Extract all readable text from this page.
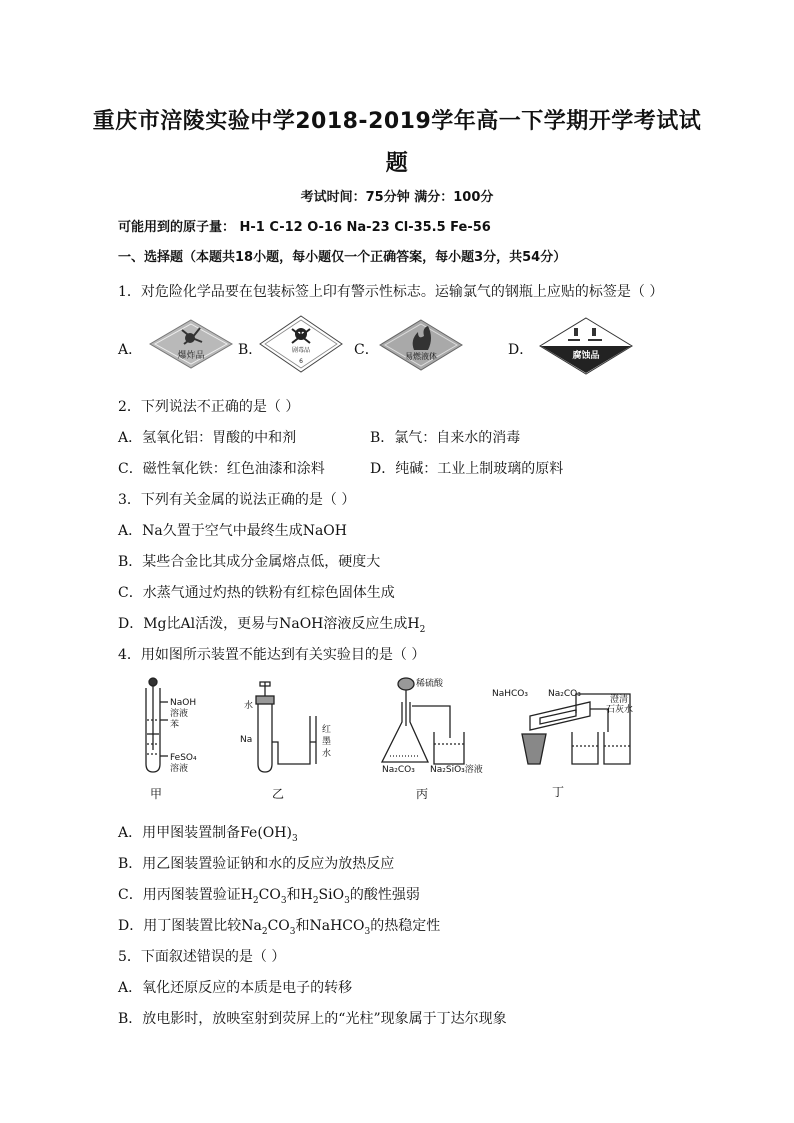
重庆市涪陵实验中学2018-2019学年高一下学期开学考试试
题
考试时间：75分钟 满分：100分
可能用到的原子量： H-1 C-12 O-16 Na-23 Cl-35.5 Fe-56
一、选择题（本题共18小题，每小题仅一个正确答案，每小题3分，共54分）
1．对危险化学品要在包装标签上印有警示性标志。运输氯气的钢瓶上应贴的标签是（ ）
A．	爆炸品 B．	剧毒品
6
C．	易燃液体	D．	腐蚀品
2．下列说法不正确的是（ ）
A．氢氧化铝：胃酸的中和剂	B．氯气：自来水的消毒
C．磁性氧化铁：红色油漆和涂料	D．纯碱：工业上制玻璃的原料
3．下列有关金属的说法正确的是（ ）
A．Na久置于空气中最终生成NaOH
B．某些合金比其成分金属熔点低，硬度大
C．水蒸气通过灼热的铁粉有红棕色固体生成
D．Mg比Al活泼，更易与NaOH溶液反应生成$H_2$
4．用如图所示装置不能达到有关实验目的是（ ）
NaOH
溶液
苯
FeSO₄
溶液
甲
水
Na
红
墨
水
乙
稀硫酸
Na₂CO₃ Na₂SiO₃溶液
丙
NaHCO₃ Na₂CO₃
澄清
石灰水
丁
A．用甲图装置制备$Fe(OH)_3$
B．用乙图装置验证钠和水的反应为放热反应
C．用丙图装置验证$H_2CO_3$和$H_2SiO_3$的酸性强弱
D．用丁图装置比较$Na_2CO_3$和NaHCO$_3$的热稳定性
5．下面叙述错误的是（ ）
A．氧化还原反应的本质是电子的转移
B．放电影时，放映室射到荧屏上的“光柱”现象属于丁达尔现象
